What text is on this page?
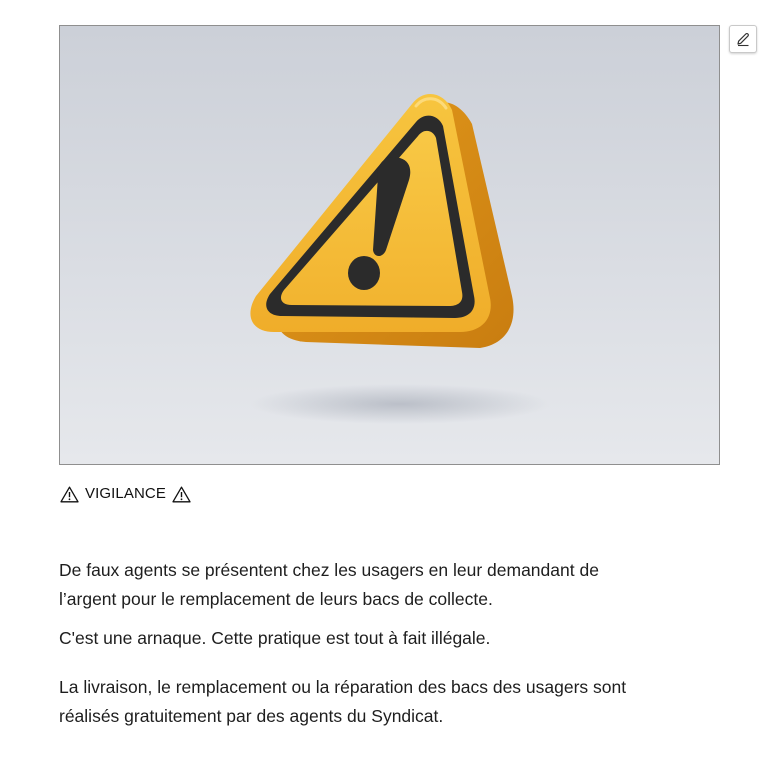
VIGILANCE

De faux agents se présentent chez les usagers en leur demandant de
l’argent pour le remplacement de leurs bacs de collecte.

C'est une arnaque. Cette pratique est tout à fait illégale.

La livraison, le remplacement ou la réparation des bacs des usagers sont
réalisés gratuitement par des agents du Syndicat.
